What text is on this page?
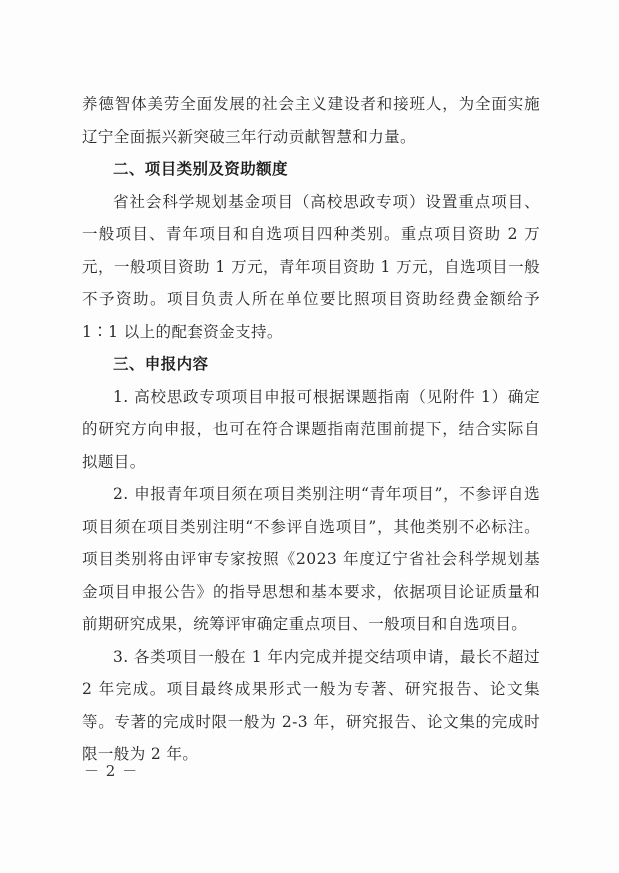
养德智体美劳全面发展的社会主义建设者和接班人，为全面实施辽宁全面振兴新突破三年行动贡献智慧和力量。

二、项目类别及资助额度

省社会科学规划基金项目（高校思政专项）设置重点项目、一般项目、青年项目和自选项目四种类别。重点项目资助 2 万元，一般项目资助 1 万元，青年项目资助 1 万元，自选项目一般不予资助。项目负责人所在单位要比照项目资助经费金额给予 1∶1 以上的配套资金支持。

三、申报内容

1. 高校思政专项项目申报可根据课题指南（见附件 1）确定的研究方向申报，也可在符合课题指南范围前提下，结合实际自拟题目。

2. 申报青年项目须在项目类别注明“青年项目”，不参评自选项目须在项目类别注明“不参评自选项目”，其他类别不必标注。项目类别将由评审专家按照《2023 年度辽宁省社会科学规划基金项目申报公告》的指导思想和基本要求，依据项目论证质量和前期研究成果，统筹评审确定重点项目、一般项目和自选项目。

3. 各类项目一般在 1 年内完成并提交结项申请，最长不超过 2 年完成。项目最终成果形式一般为专著、研究报告、论文集等。专著的完成时限一般为 2-3 年，研究报告、论文集的完成时限一般为 2 年。

－ 2 －
